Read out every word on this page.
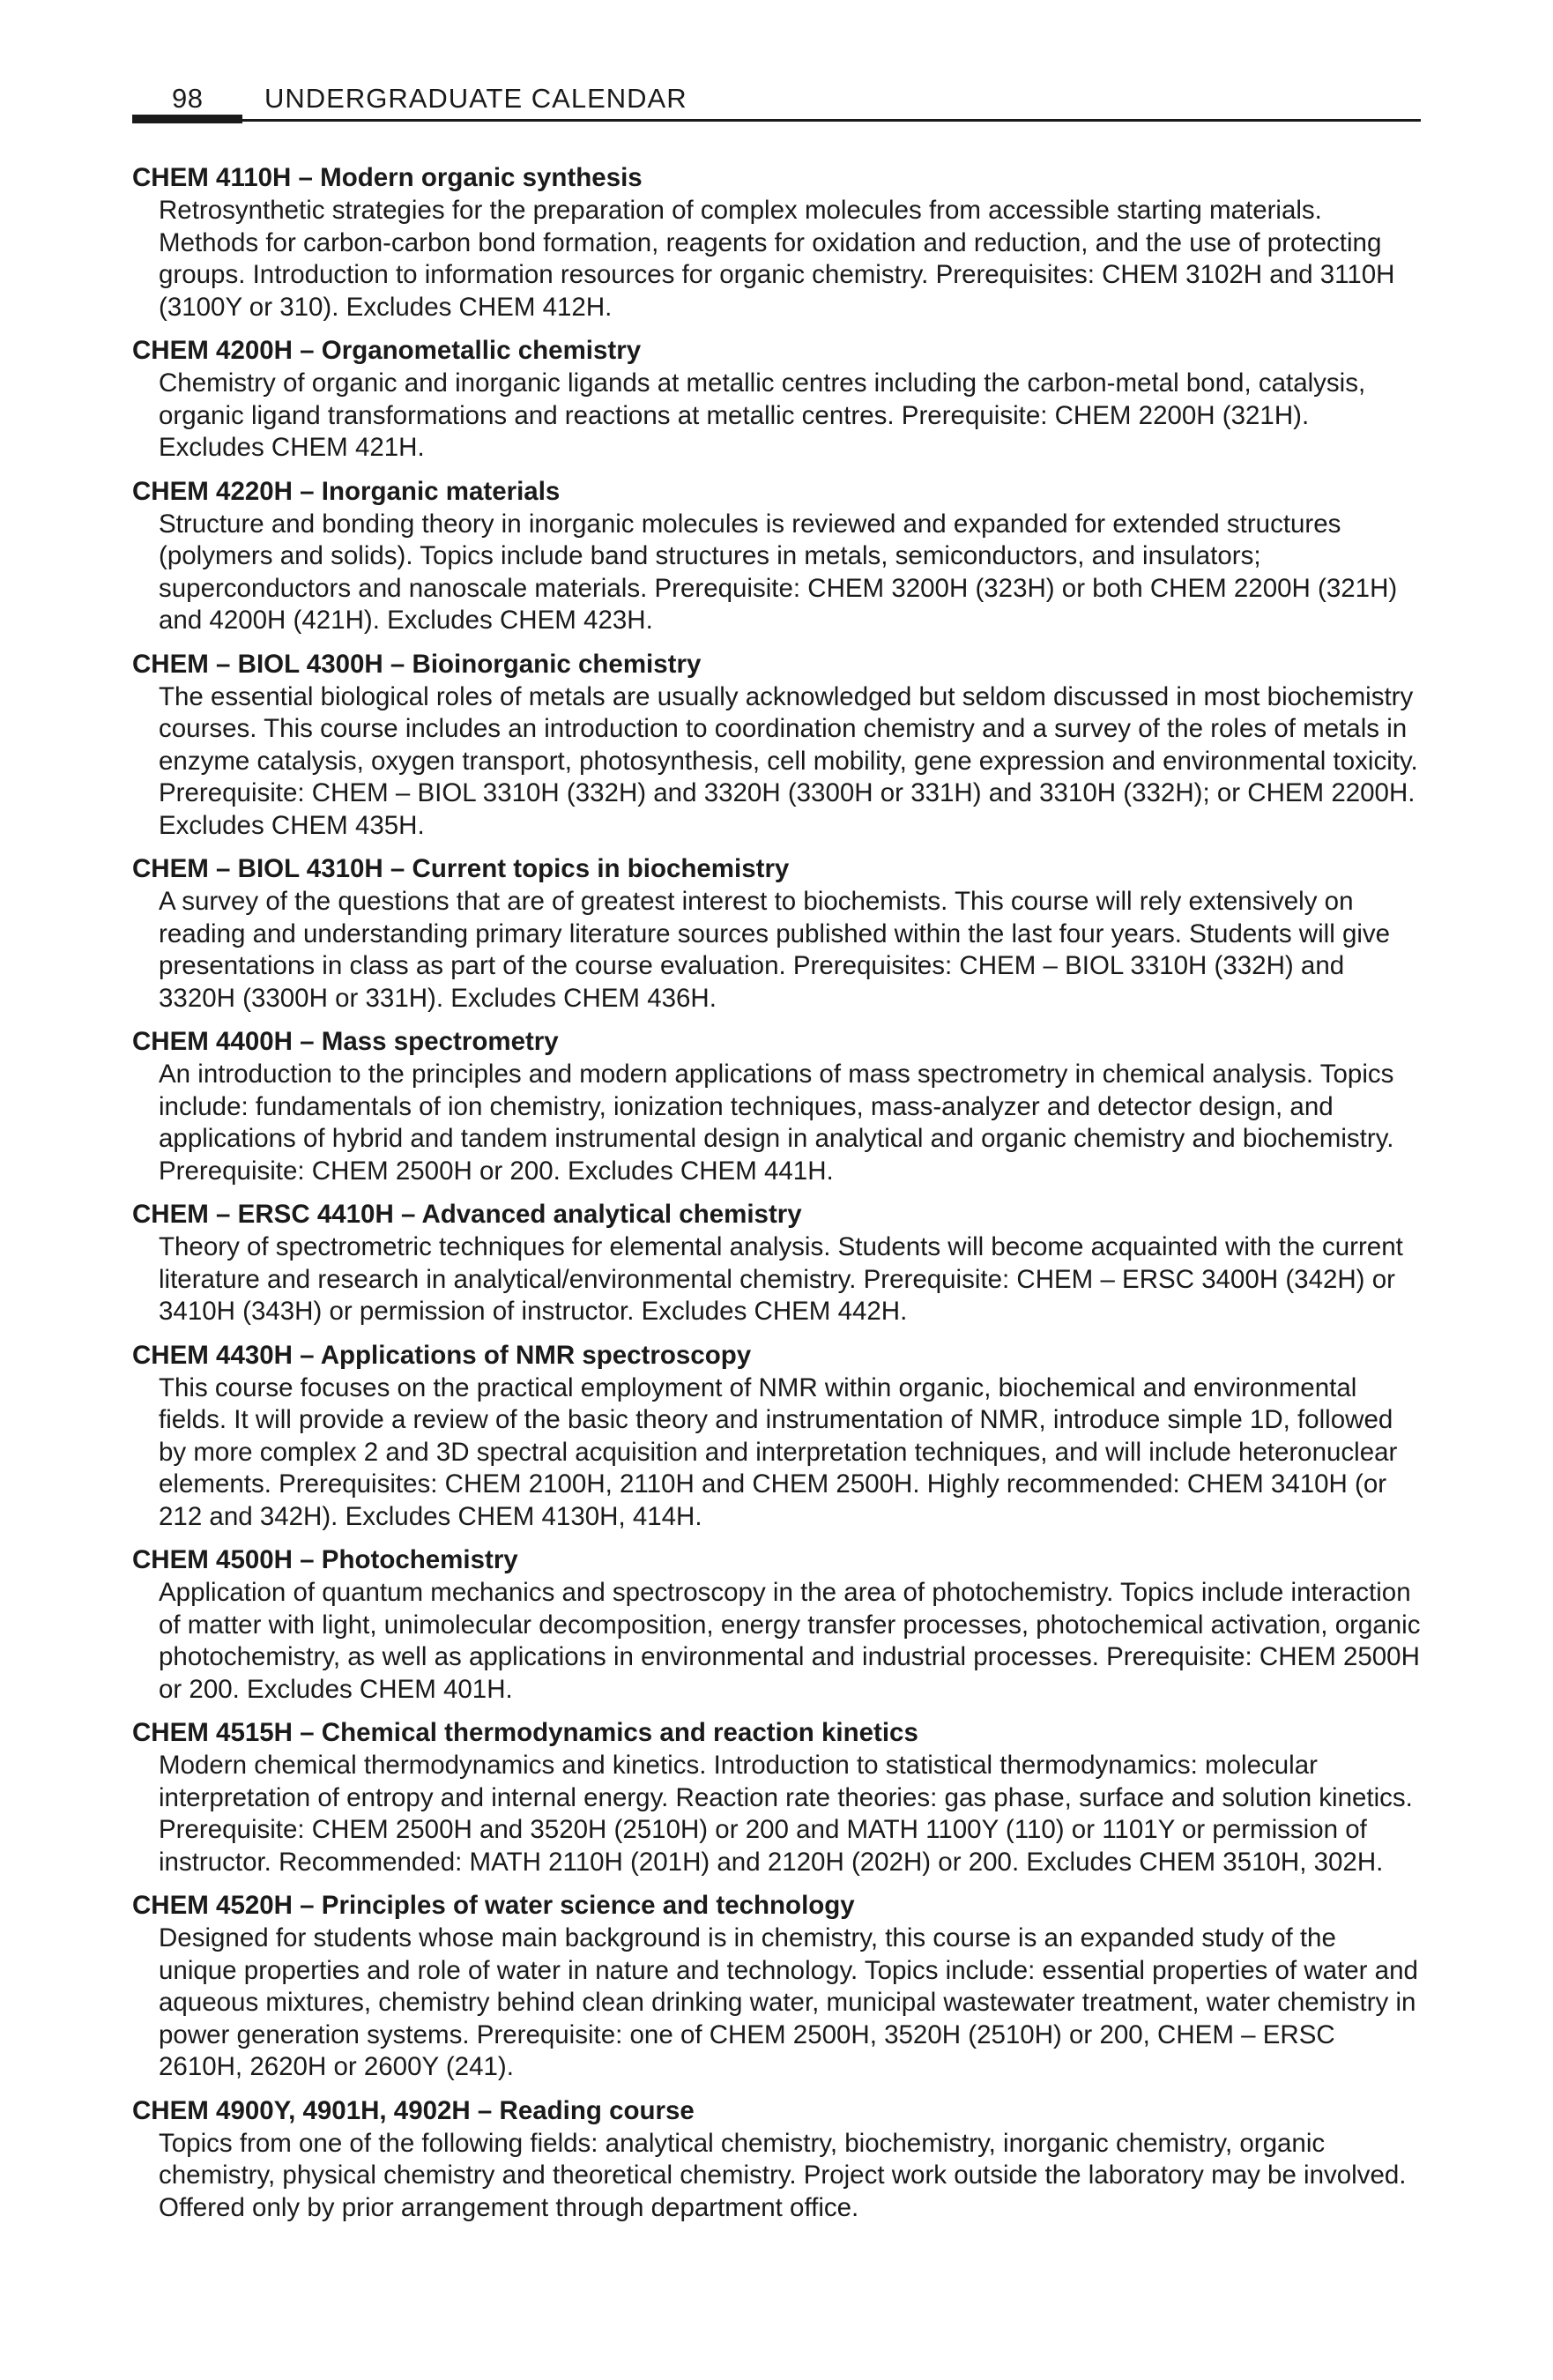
98 UNDERGRADUATE CALENDAR

CHEM 4110H – Modern organic synthesis

Retrosynthetic strategies for the preparation of complex molecules from accessible starting materials. Methods for carbon-carbon bond formation, reagents for oxidation and reduction, and the use of protecting groups. Introduction to information resources for organic chemistry. Prerequisites: CHEM 3102H and 3110H (3100Y or 310). Excludes CHEM 412H.

CHEM 4200H – Organometallic chemistry

Chemistry of organic and inorganic ligands at metallic centres including the carbon-metal bond, catalysis, organic ligand transformations and reactions at metallic centres. Prerequisite: CHEM 2200H (321H). Excludes CHEM 421H.

CHEM 4220H – Inorganic materials

Structure and bonding theory in inorganic molecules is reviewed and expanded for extended structures (polymers and solids). Topics include band structures in metals, semiconductors, and insulators; superconductors and nanoscale materials. Prerequisite: CHEM 3200H (323H) or both CHEM 2200H (321H) and 4200H (421H). Excludes CHEM 423H.

CHEM – BIOL 4300H – Bioinorganic chemistry

The essential biological roles of metals are usually acknowledged but seldom discussed in most biochemistry courses. This course includes an introduction to coordination chemistry and a survey of the roles of metals in enzyme catalysis, oxygen transport, photosynthesis, cell mobility, gene expression and environmental toxicity. Prerequisite: CHEM – BIOL 3310H (332H) and 3320H (3300H or 331H) and 3310H (332H); or CHEM 2200H. Excludes CHEM 435H.

CHEM – BIOL 4310H – Current topics in biochemistry

A survey of the questions that are of greatest interest to biochemists. This course will rely extensively on reading and understanding primary literature sources published within the last four years. Students will give presentations in class as part of the course evaluation. Prerequisites: CHEM – BIOL 3310H (332H) and 3320H (3300H or 331H). Excludes CHEM 436H.

CHEM 4400H – Mass spectrometry

An introduction to the principles and modern applications of mass spectrometry in chemical analysis. Topics include: fundamentals of ion chemistry, ionization techniques, mass-analyzer and detector design, and applications of hybrid and tandem instrumental design in analytical and organic chemistry and biochemistry. Prerequisite: CHEM 2500H or 200. Excludes CHEM 441H.

CHEM – ERSC 4410H – Advanced analytical chemistry

Theory of spectrometric techniques for elemental analysis. Students will become acquainted with the current literature and research in analytical/environmental chemistry. Prerequisite: CHEM – ERSC 3400H (342H) or 3410H (343H) or permission of instructor. Excludes CHEM 442H.

CHEM 4430H – Applications of NMR spectroscopy

This course focuses on the practical employment of NMR within organic, biochemical and environmental fields. It will provide a review of the basic theory and instrumentation of NMR, introduce simple 1D, followed by more complex 2 and 3D spectral acquisition and interpretation techniques, and will include heteronuclear elements. Prerequisites: CHEM 2100H, 2110H and CHEM 2500H. Highly recommended: CHEM 3410H (or 212 and 342H). Excludes CHEM 4130H, 414H.

CHEM 4500H – Photochemistry

Application of quantum mechanics and spectroscopy in the area of photochemistry. Topics include interaction of matter with light, unimolecular decomposition, energy transfer processes, photochemical activation, organic photochemistry, as well as applications in environmental and industrial processes. Prerequisite: CHEM 2500H or 200. Excludes CHEM 401H.

CHEM 4515H – Chemical thermodynamics and reaction kinetics

Modern chemical thermodynamics and kinetics. Introduction to statistical thermodynamics: molecular interpretation of entropy and internal energy. Reaction rate theories: gas phase, surface and solution kinetics. Prerequisite: CHEM 2500H and 3520H (2510H) or 200 and MATH 1100Y (110) or 1101Y or permission of instructor. Recommended: MATH 2110H (201H) and 2120H (202H) or 200. Excludes CHEM 3510H, 302H.

CHEM 4520H – Principles of water science and technology

Designed for students whose main background is in chemistry, this course is an expanded study of the unique properties and role of water in nature and technology. Topics include: essential properties of water and aqueous mixtures, chemistry behind clean drinking water, municipal wastewater treatment, water chemistry in power generation systems. Prerequisite: one of CHEM 2500H, 3520H (2510H) or 200, CHEM – ERSC 2610H, 2620H or 2600Y (241).

CHEM 4900Y, 4901H, 4902H – Reading course

Topics from one of the following fields: analytical chemistry, biochemistry, inorganic chemistry, organic chemistry, physical chemistry and theoretical chemistry. Project work outside the laboratory may be involved. Offered only by prior arrangement through department office.
